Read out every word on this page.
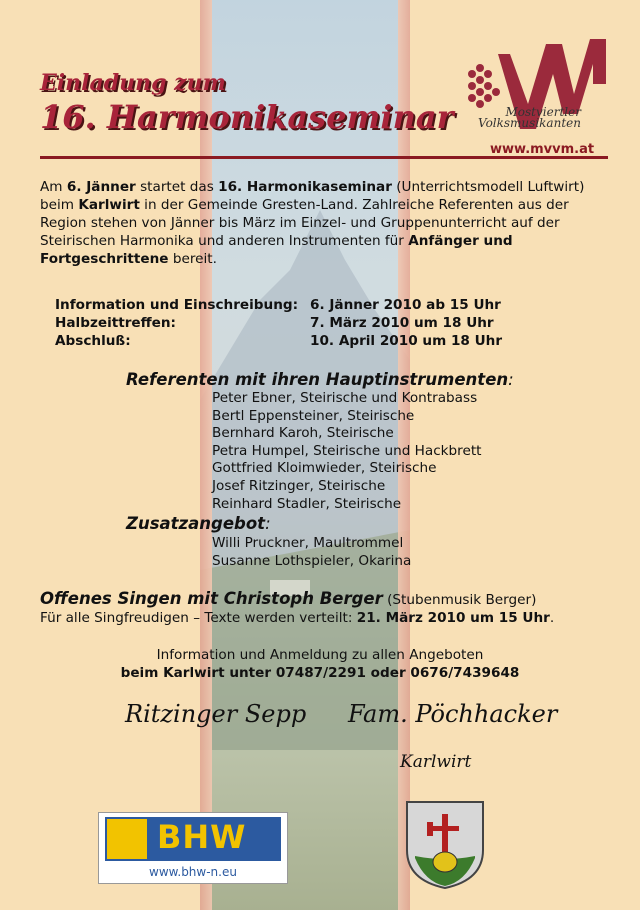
Einladung zum
16. Harmonikaseminar	Mostviertler
Volksmusikanten
www.mvvm.at

Am 6. Jänner startet das 16. Harmonikaseminar (Unterrichtsmodell Luftwirt)
beim Karlwirt in der Gemeinde Gresten-Land. Zahlreiche Referenten aus der
Region stehen von Jänner bis März im Einzel- und Gruppenunterricht auf der
Steirischen Harmonika und anderen Instrumenten für Anfänger und
Fortgeschrittene bereit.

Information und Einschreibung: 6. Jänner 2010 ab 15 Uhr
Halbzeittreffen:	7. März 2010 um 18 Uhr
Abschluß:	10. April 2010 um 18 Uhr
Referenten mit ihren Hauptinstrumenten:
Peter Ebner, Steirische und Kontrabass
Bertl Eppensteiner, Steirische
Bernhard Karoh, Steirische
Petra Humpel, Steirische und Hackbrett
Gottfried Kloimwieder, Steirische
Josef Ritzinger, Steirische
Reinhard Stadler, Steirische
Zusatzangebot:
Willi Pruckner, Maultrommel
Susanne Lothspieler, Okarina
Offenes Singen mit Christoph Berger (Stubenmusik Berger)
Für alle Singfreudigen – Texte werden verteilt: 21. März 2010 um 15 Uhr.
Information und Anmeldung zu allen Angeboten
beim Karlwirt unter 07487/2291 oder 0676/7439648
Ritzinger Sepp Fam. Pöchhacker
Karlwirt
BHW
www.bhw-n.eu
